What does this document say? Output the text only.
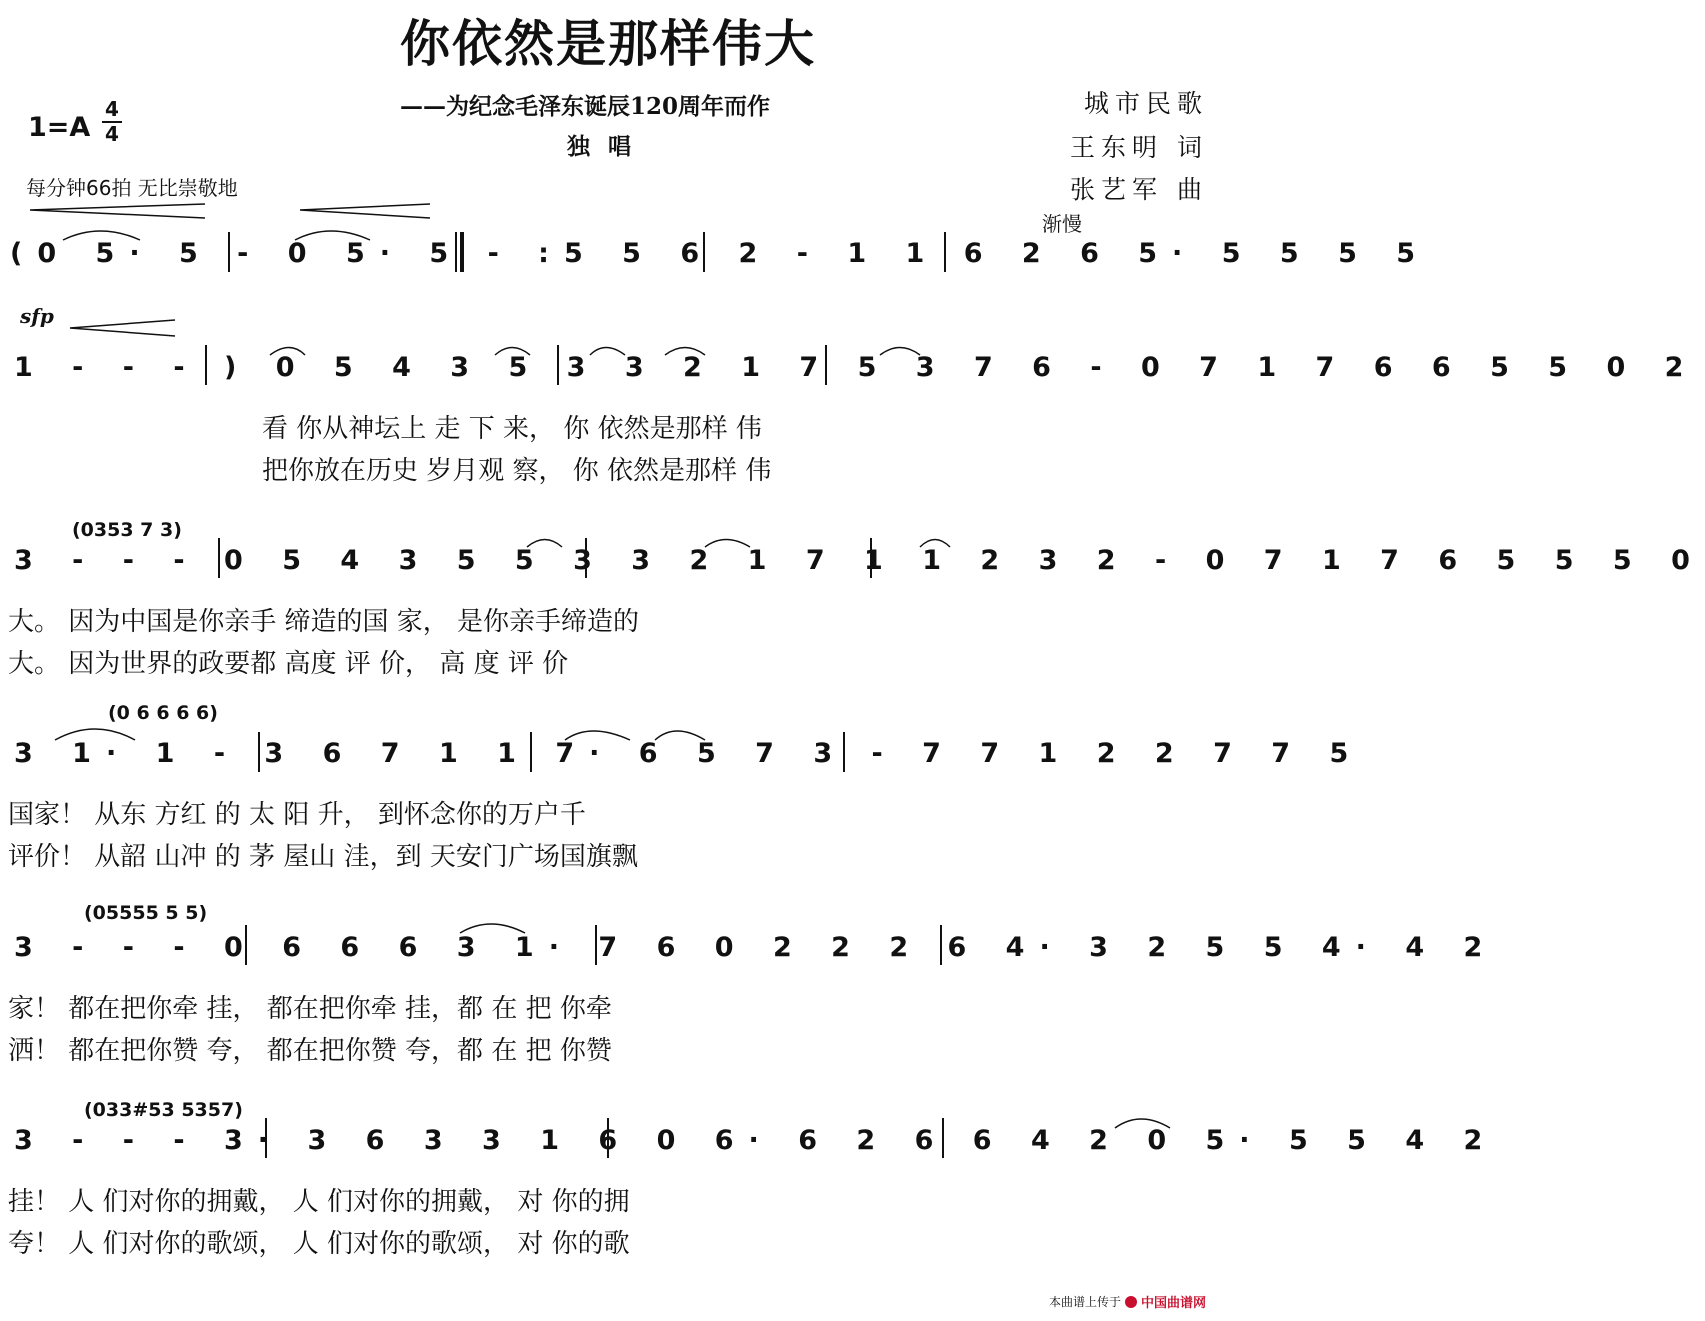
你依然是那样伟大
——为纪念毛泽东诞辰120周年而作
独唱
城市民歌
王东明 词
张艺军 曲
1=A
4
4
每分钟66拍 无比崇敬地
渐慢
sfp
(0 5· 5 - 0 5· 5 - :5 5 6 2 - 1 1 6 2 6 5· 5 5 5 5
1 - - - ) 0 5 4 3 5 3 3 2 1 7 5 3 7 6 - 0 7 1 7 6 6 5 5 0 2
看 你从神坛上 走 下 来， 你 依然是那样 伟
把你放在历史 岁月观 察， 你 依然是那样 伟
(0353 7 3)
3 - - - 0 5 4 3 5 5 3 3 2 1 7 1 1 2 3 2 - 0 7 1 7 6 5 5 5 0
大。 因为中国是你亲手 缔造的国 家， 是你亲手缔造的
大。 因为世界的政要都 高度 评 价， 高 度 评 价
(0 6 6 6 6)
3 1· 1 - 3 6 7 1 1 7· 6 5 7 3 - 7 7 1 2 2 7 7 5
国家！ 从东 方红 的 太 阳 升， 到怀念你的万户千
评价！ 从韶 山冲 的 茅 屋山 洼，到 天安门广场国旗飘
(05555 5 5)
3 - - - 0 6 6 6 3 1· 7 6 0 2 2 2 6 4· 3 2 5 5 4· 4 2
家！ 都在把你牵 挂， 都在把你牵 挂，都 在 把 你牵
洒！ 都在把你赞 夸， 都在把你赞 夸，都 在 把 你赞
(033#53 5357)
3 - - - 3· 3 6 3 3 1 6 0 6· 6 2 6 6 4 2 0 5· 5 5 4 2
挂！ 人 们对你的拥戴， 人 们对你的拥戴， 对 你的拥
夸！ 人 们对你的歌颂， 人 们对你的歌颂， 对 你的歌
本曲谱上传于 中国曲谱网
